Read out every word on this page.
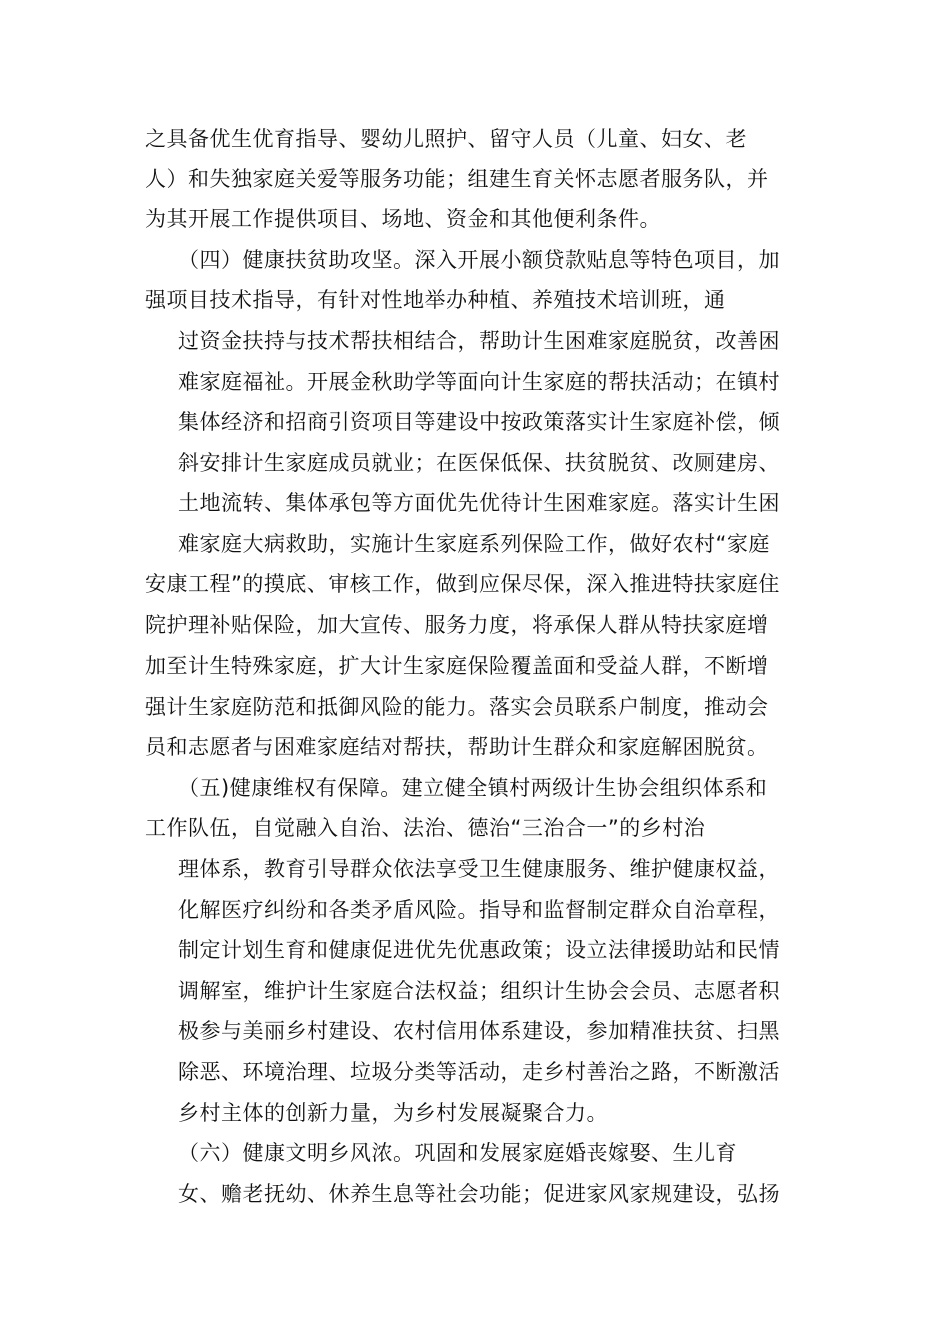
之具备优生优育指导、婴幼儿照护、留守人员（儿童、妇女、老

人）和失独家庭关爱等服务功能；组建生育关怀志愿者服务队，并

为其开展工作提供项目、场地、资金和其他便利条件。

（四）健康扶贫助攻坚。深入开展小额贷款贴息等特色项目，加

强项目技术指导，有针对性地举办种植、养殖技术培训班，通

过资金扶持与技术帮扶相结合，帮助计生困难家庭脱贫，改善困

难家庭福祉。开展金秋助学等面向计生家庭的帮扶活动；在镇村

集体经济和招商引资项目等建设中按政策落实计生家庭补偿，倾

斜安排计生家庭成员就业；在医保低保、扶贫脱贫、改厕建房、

土地流转、集体承包等方面优先优待计生困难家庭。落实计生困

难家庭大病救助，实施计生家庭系列保险工作，做好农村“家庭

安康工程”的摸底、审核工作，做到应保尽保，深入推进特扶家庭住

院护理补贴保险，加大宣传、服务力度，将承保人群从特扶家庭增

加至计生特殊家庭，扩大计生家庭保险覆盖面和受益人群，不断增

强计生家庭防范和抵御风险的能力。落实会员联系户制度，推动会

员和志愿者与困难家庭结对帮扶，帮助计生群众和家庭解困脱贫。

（五)健康维权有保障。建立健全镇村两级计生协会组织体系和

工作队伍，自觉融入自治、法治、德治“三治合一”的乡村治

理体系，教育引导群众依法享受卫生健康服务、维护健康权益，

化解医疗纠纷和各类矛盾风险。指导和监督制定群众自治章程，

制定计划生育和健康促进优先优惠政策；设立法律援助站和民情

调解室，维护计生家庭合法权益；组织计生协会会员、志愿者积

极参与美丽乡村建设、农村信用体系建设，参加精准扶贫、扫黑

除恶、环境治理、垃圾分类等活动，走乡村善治之路，不断激活

乡村主体的创新力量，为乡村发展凝聚合力。

（六）健康文明乡风浓。巩固和发展家庭婚丧嫁娶、生儿育

女、赡老抚幼、休养生息等社会功能；促进家风家规建设，弘扬
